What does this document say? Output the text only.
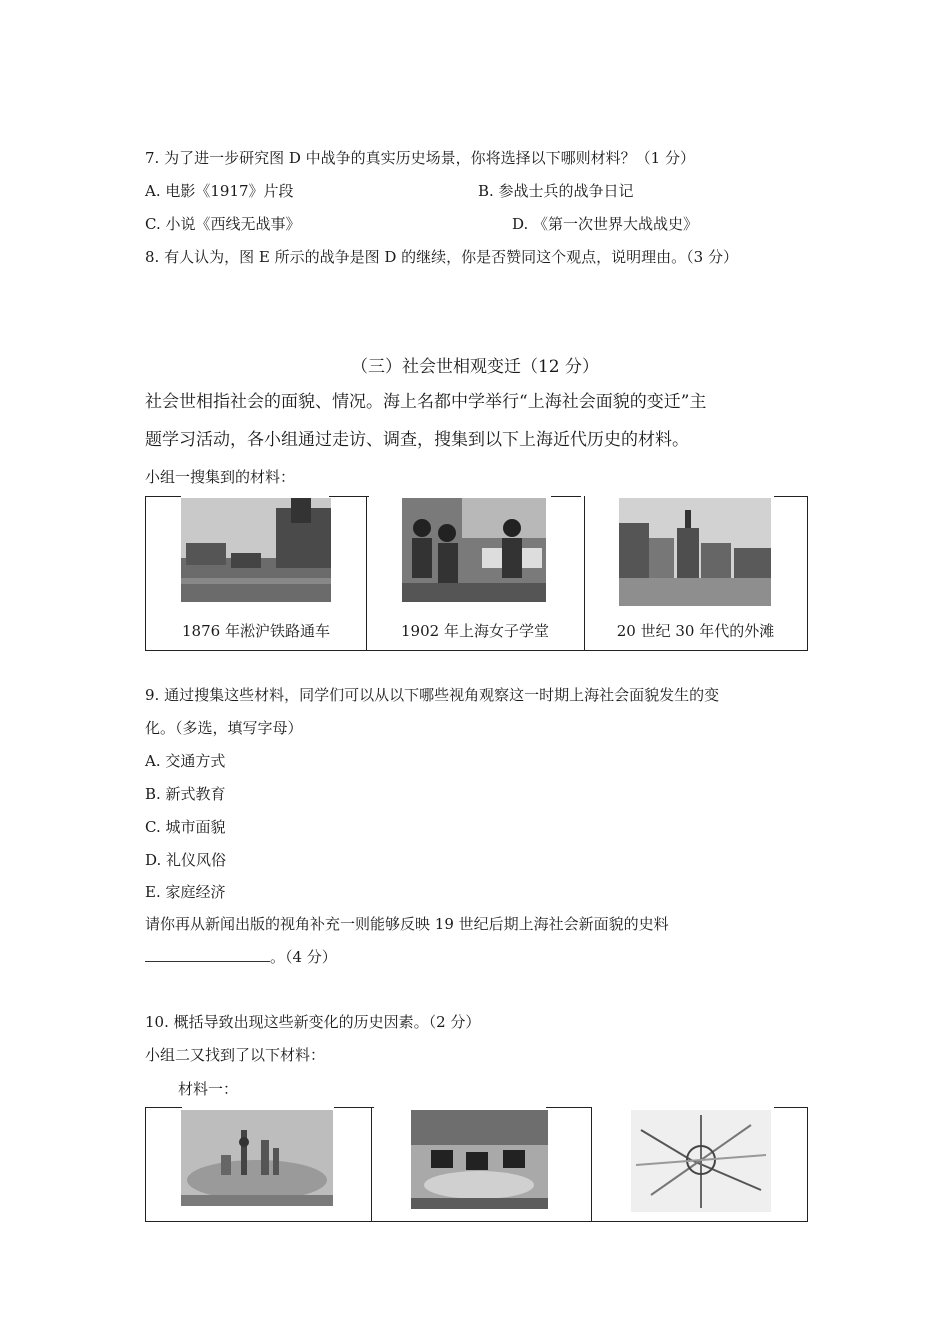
7. 为了进一步研究图 D 中战争的真实历史场景，你将选择以下哪则材料？（1 分）
A. 电影《1917》片段	B. 参战士兵的战争日记
C. 小说《西线无战事》	D. 《第一次世界大战战史》
8. 有人认为，图 E 所示的战争是图 D 的继续，你是否赞同这个观点，说明理由。（3 分）
（三）社会世相观变迁（12 分）
社会世相指社会的面貌、情况。海上名都中学举行“上海社会面貌的变迁”主
题学习活动，各小组通过走访、调查，搜集到以下上海近代历史的材料。
小组一搜集到的材料：
1876 年淞沪铁路通车	1902 年上海女子学堂	20 世纪 30 年代的外滩
9. 通过搜集这些材料，同学们可以从以下哪些视角观察这一时期上海社会面貌发生的变
化。（多选，填写字母）
A. 交通方式
B. 新式教育
C. 城市面貌
D. 礼仪风俗
E. 家庭经济
请你再从新闻出版的视角补充一则能够反映 19 世纪后期上海社会新面貌的史料
。（4 分）
10. 概括导致出现这些新变化的历史因素。（2 分）
小组二又找到了以下材料：
材料一：
